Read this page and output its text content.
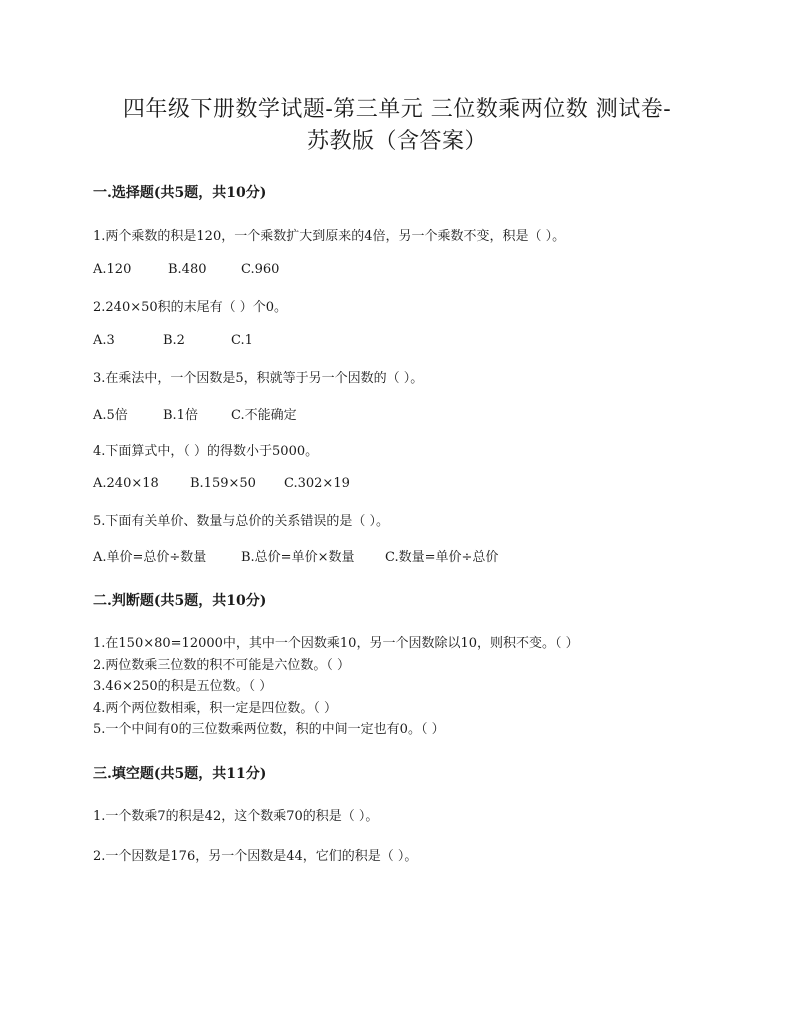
四年级下册数学试题-第三单元 三位数乘两位数 测试卷-
苏教版（含答案）
一.选择题(共5题，共10分)
1.两个乘数的积是120，一个乘数扩大到原来的4倍，另一个乘数不变，积是（ ）。
A.120	B.480	C.960
2.240×50积的末尾有（ ）个0。
A.3	B.2	C.1
3.在乘法中，一个因数是5，积就等于另一个因数的（ ）。
A.5倍	B.1倍	C.不能确定
4.下面算式中，（ ）的得数小于5000。
A.240×18 B.159×50 C.302×19
5.下面有关单价、数量与总价的关系错误的是（ ）。
A.单价=总价÷数量	B.总价=单价×数量 C.数量=单价÷总价
二.判断题(共5题，共10分)
1.在150×80=12000中，其中一个因数乘10，另一个因数除以10，则积不变。（ ）
2.两位数乘三位数的积不可能是六位数。（ ）
3.46×250的积是五位数。（ ）
4.两个两位数相乘，积一定是四位数。（ ）
5.一个中间有0的三位数乘两位数，积的中间一定也有0。（ ）
三.填空题(共5题，共11分)
1.一个数乘7的积是42，这个数乘70的积是（ ）。
2.一个因数是176，另一个因数是44，它们的积是（ ）。
